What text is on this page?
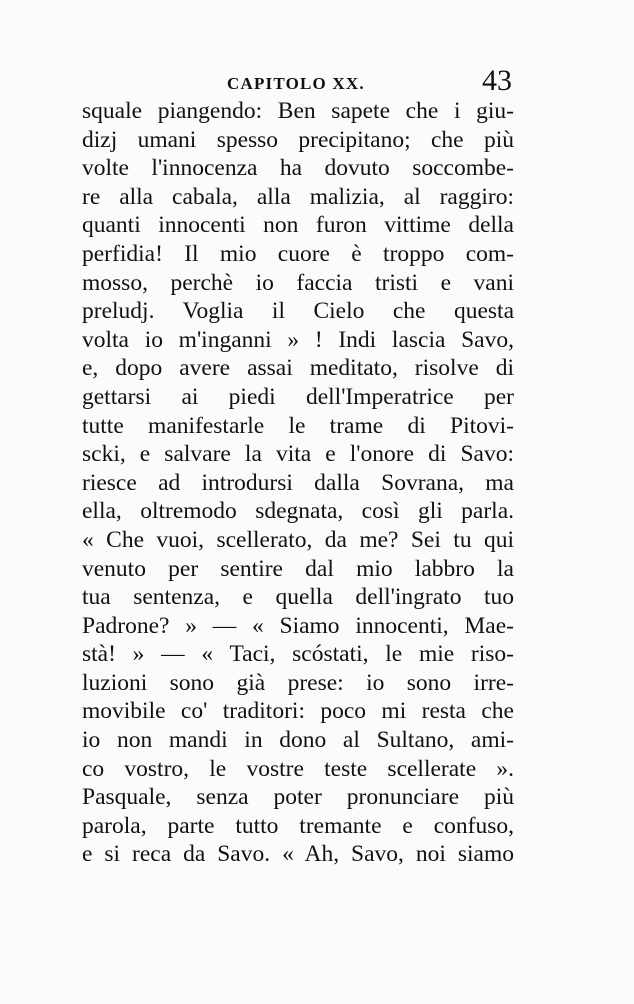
CAPITOLO XX.	43
squale piangendo: Ben sapete che i giu-
dizj umani spesso precipitano; che più
volte l'innocenza ha dovuto soccombe-
re alla cabala, alla malizia, al raggiro:
quanti innocenti non furon vittime della
perfidia! Il mio cuore è troppo com-
mosso, perchè io faccia tristi e vani
preludj. Voglia il Cielo che questa
volta io m'inganni » ! Indi lascia Savo,
e, dopo avere assai meditato, risolve di
gettarsi ai piedi dell'Imperatrice per
tutte manifestarle le trame di Pitovi-
scki, e salvare la vita e l'onore di Savo:
riesce ad introdursi dalla Sovrana, ma
ella, oltremodo sdegnata, così gli parla.
« Che vuoi, scellerato, da me? Sei tu qui
venuto per sentire dal mio labbro la
tua sentenza, e quella dell'ingrato tuo
Padrone? » — « Siamo innocenti, Mae-
stà! » — « Taci, scóstati, le mie riso-
luzioni sono già prese: io sono irre-
movibile co' traditori: poco mi resta che
io non mandi in dono al Sultano, ami-
co vostro, le vostre teste scellerate ».
Pasquale, senza poter pronunciare più
parola, parte tutto tremante e confuso,
e si reca da Savo. « Ah, Savo, noi siamo
